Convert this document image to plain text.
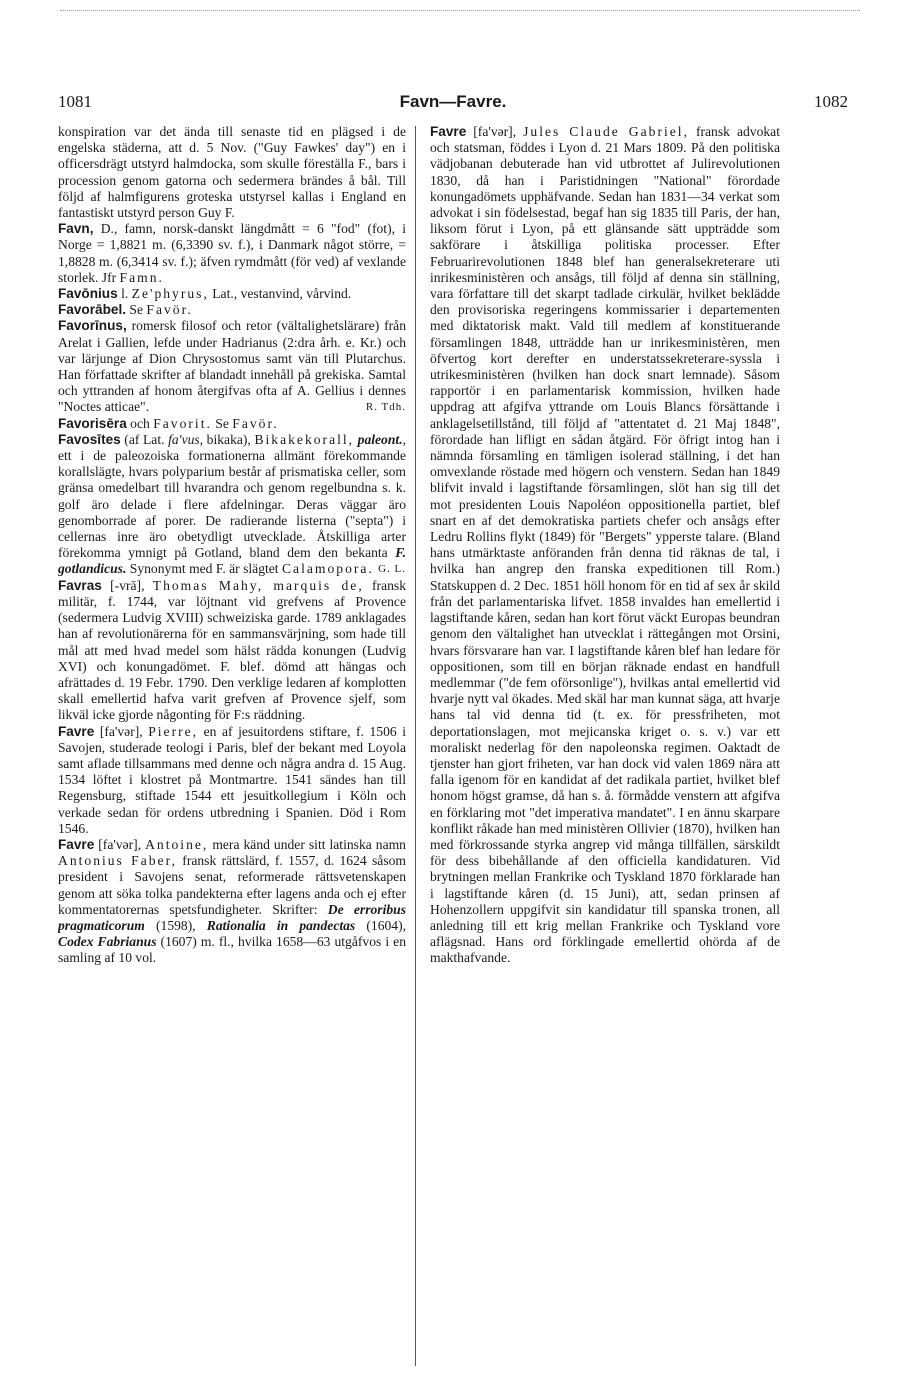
1081	Favn—Favre.	1082

konspiration var det ända till senaste tid en plägsed i de engelska städerna, att d. 5 Nov. ("Guy Fawkes' day") en i officersdrägt utstyrd halmdocka, som skulle föreställa F., bars i procession genom gatorna och sedermera brändes å bål. Till följd af halmfigurens groteska utstyrsel kallas i England en fantastiskt utstyrd person Guy F.

Favn, D., famn, norsk-danskt längdmått = 6 "fod" (fot), i Norge = 1,8821 m. (6,3390 sv. f.), i Danmark något större, = 1,8828 m. (6,3414 sv. f.); äfven rymdmått (för ved) af vexlande storlek. Jfr Famn.

Favōnius l. Ze'phyrus, Lat., vestanvind, vårvind.

Favorābel. Se Favör.

Favorīnus, romersk filosof och retor (vältalighetslärare) från Arelat i Gallien, lefde under Hadrianus (2:dra årh. e. Kr.) och var lärjunge af Dion Chrysostomus samt vän till Plutarchus. Han författade skrifter af blandadt innehåll på grekiska. Samtal och yttranden af honom återgifvas ofta af A. Gellius i dennes "Noctes atticae".	R. Tdh.

Favorisēra och Favorit. Se Favör.

Favosītes (af Lat. fa'vus, bikaka), Bikakekorall, paleont., ett i de paleozoiska formationerna allmänt förekommande korallslägte, hvars polyparium består af prismatiska celler, som gränsa omedelbart till hvarandra och genom regelbundna s. k. golf äro delade i flere afdelningar. Deras väggar äro genomborrade af porer. De radierande listerna ("septa") i cellernas inre äro obetydligt utvecklade. Åtskilliga arter förekomma ymnigt på Gotland, bland dem den bekanta F. gotlandicus. Synonymt med F. är slägtet Calamopora. G. L.

Favras [-vrā], Thomas Mahy, marquis de, fransk militär, f. 1744, var löjtnant vid grefvens af Provence (sedermera Ludvig XVIII) schweiziska garde. 1789 anklagades han af revolutionärerna för en sammansvärjning, som hade till mål att med hvad medel som hälst rädda konungen (Ludvig XVI) och konungadömet. F. blef. dömd att hängas och afrättades d. 19 Febr. 1790. Den verklige ledaren af komplotten skall emellertid hafva varit grefven af Provence sjelf, som likväl icke gjorde någonting för F:s räddning.

Favre [fa'vər], Pierre, en af jesuitordens stiftare, f. 1506 i Savojen, studerade teologi i Paris, blef der bekant med Loyola samt aflade tillsammans med denne och några andra d. 15 Aug. 1534 löftet i klostret på Montmartre. 1541 sändes han till Regensburg, stiftade 1544 ett jesuitkollegium i Köln och verkade sedan för ordens utbredning i Spanien. Död i Rom 1546.

Favre [fa'vər], Antoine, mera känd under sitt latinska namn Antonius Faber, fransk rättslärd, f. 1557, d. 1624 såsom president i Savojens senat, reformerade rättsvetenskapen genom att söka tolka pandekterna efter lagens anda och ej efter kommentatorernas spetsfundigheter. Skrifter: De erroribus pragmaticorum (1598), Rationalia in pandectas (1604), Codex Fabrianus (1607) m. fl., hvilka 1658—63 utgåfvos i en samling af 10 vol.

Favre [fa'vər], Jules Claude Gabriel, fransk advokat och statsman, föddes i Lyon d. 21 Mars 1809. På den politiska vädjobanan debuterade han vid utbrottet af Julirevolutionen 1830, då han i Paristidningen "National" förordade konungadömets upphäfvande. Sedan han 1831—34 verkat som advokat i sin födelsestad, begaf han sig 1835 till Paris, der han, liksom förut i Lyon, på ett glänsande sätt uppträdde som sakförare i åtskilliga politiska processer. Efter Februarirevolutionen 1848 blef han generalsekreterare uti inrikesministèren och ansågs, till följd af denna sin ställning, vara författare till det skarpt tadlade cirkulär, hvilket beklädde den provisoriska regeringens kommissarier i departementen med diktatorisk makt. Vald till medlem af konstituerande församlingen 1848, utträdde han ur inrikesministèren, men öfvertog kort derefter en understatssekreterare-syssla i utrikesministèren (hvilken han dock snart lemnade). Såsom rapportör i en parlamentarisk kommission, hvilken hade uppdrag att afgifva yttrande om Louis Blancs försättande i anklagelsetillstånd, till följd af "attentatet d. 21 Maj 1848", förordade han lifligt en sådan åtgärd. För öfrigt intog han i nämnda församling en tämligen isolerad ställning, i det han omvexlande röstade med högern och venstern. Sedan han 1849 blifvit invald i lagstiftande församlingen, slöt han sig till det mot presidenten Louis Napoléon oppositionella partiet, blef snart en af det demokratiska partiets chefer och ansågs efter Ledru Rollins flykt (1849) för "Bergets" ypperste talare. (Bland hans utmärktaste anföranden från denna tid räknas de tal, i hvilka han angrep den franska expeditionen till Rom.) Statskuppen d. 2 Dec. 1851 höll honom för en tid af sex år skild från det parlamentariska lifvet. 1858 invaldes han emellertid i lagstiftande kåren, sedan han kort förut väckt Europas beundran genom den vältalighet han utvecklat i rättegången mot Orsini, hvars försvarare han var. I lagstiftande kåren blef han ledare för oppositionen, som till en början räknade endast en handfull medlemmar ("de fem oförsonlige"), hvilkas antal emellertid vid hvarje nytt val ökades. Med skäl har man kunnat säga, att hvarje hans tal vid denna tid (t. ex. för pressfriheten, mot deportationslagen, mot mejicanska kriget o. s. v.) var ett moraliskt nederlag för den napoleonska regimen. Oaktadt de tjenster han gjort friheten, var han dock vid valen 1869 nära att falla igenom för en kandidat af det radikala partiet, hvilket blef honom högst gramse, då han s. å. förmådde venstern att afgifva en förklaring mot "det imperativa mandatet". I en ännu skarpare konflikt råkade han med ministèren Ollivier (1870), hvilken han med förkrossande styrka angrep vid många tillfällen, särskildt för dess bibehållande af den officiella kandidaturen. Vid brytningen mellan Frankrike och Tyskland 1870 förklarade han i lagstiftande kåren (d. 15 Juni), att, sedan prinsen af Hohenzollern uppgifvit sin kandidatur till spanska tronen, all anledning till ett krig mellan Frankrike och Tyskland vore aflägsnad. Hans ord förklingade emellertid ohörda af de makthafvande.
